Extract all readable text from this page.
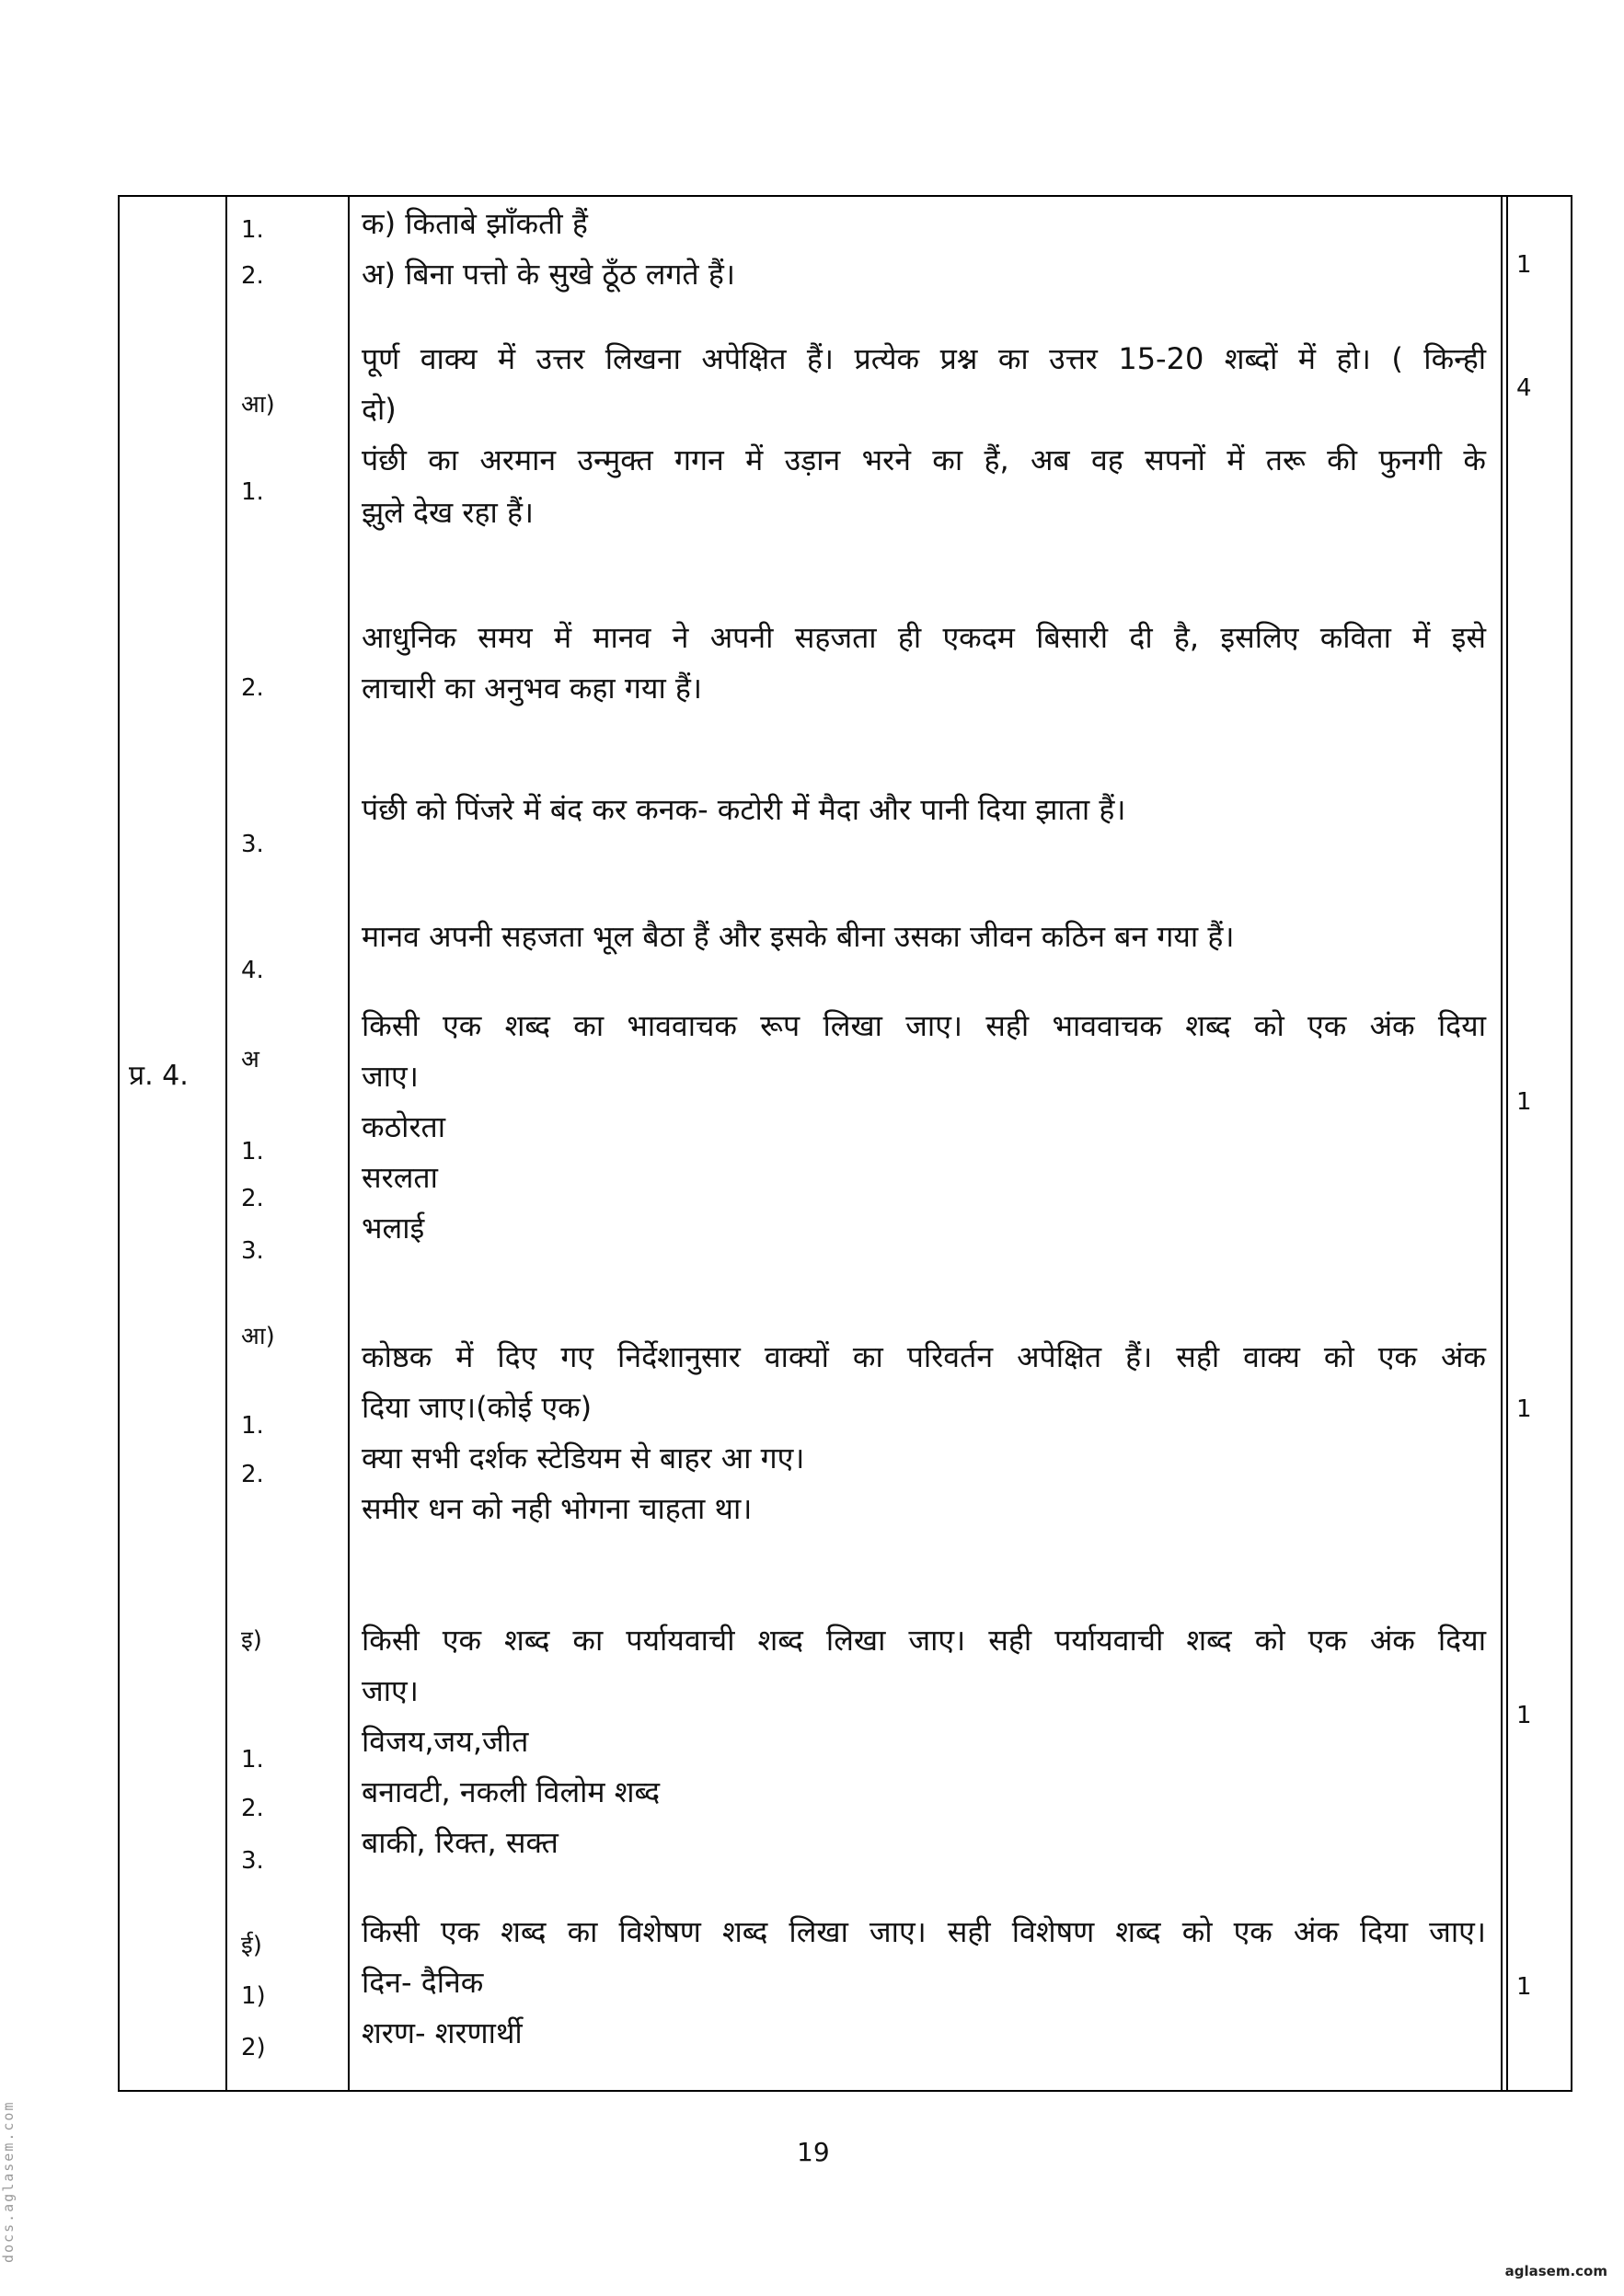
प्र. 4.
1.
2.
आ)
1.
2.
3.
4.
अ
1.
2.
3.
आ)
1.
2.
इ)
1.
2.
3.
ई)
1)
2)
क) किताबे झाँकती हैं
अ) बिना पत्तो के सुखे ठूँठ लगते हैं।
पूर्ण वाक्य में उत्तर लिखना अपेक्षित हैं। प्रत्येक प्रश्न का उत्तर 15-20 शब्दों में हो। ( किन्ही
दो)
पंछी का अरमान उन्मुक्त गगन में उड़ान भरने का हैं, अब वह सपनों में तरू की फुनगी के
झुले देख रहा हैं।
आधुनिक समय में मानव ने अपनी सहजता ही एकदम बिसारी दी है, इसलिए कविता में इसे
लाचारी का अनुभव कहा गया हैं।
पंछी को पिंजरे में बंद कर कनक- कटोरी में मैदा और पानी दिया झाता हैं।
मानव अपनी सहजता भूल बैठा हैं और इसके बीना उसका जीवन कठिन बन गया हैं।
किसी एक शब्द का भाववाचक रूप लिखा जाए। सही भाववाचक शब्द को एक अंक दिया
जाए।
कठोरता
सरलता
भलाई
कोष्ठक में दिए गए निर्देशानुसार वाक्यों का परिवर्तन अपेक्षित हैं। सही वाक्य को एक अंक
दिया जाए।(कोई एक)
क्या सभी दर्शक स्टेडियम से बाहर आ गए।
समीर धन को नही भोगना चाहता था।
किसी एक शब्द का पर्यायवाची शब्द लिखा जाए। सही पर्यायवाची शब्द को एक अंक दिया
जाए।
विजय,जय,जीत
बनावटी, नकली विलोम शब्द
बाकी, रिक्त, सक्त
किसी एक शब्द का विशेषण शब्द लिखा जाए। सही विशेषण शब्द को एक अंक दिया जाए।
दिन- दैनिक
शरण- शरणार्थी
1
4
1
1
1
1
19
docs.aglasem.com
aglasem.com
